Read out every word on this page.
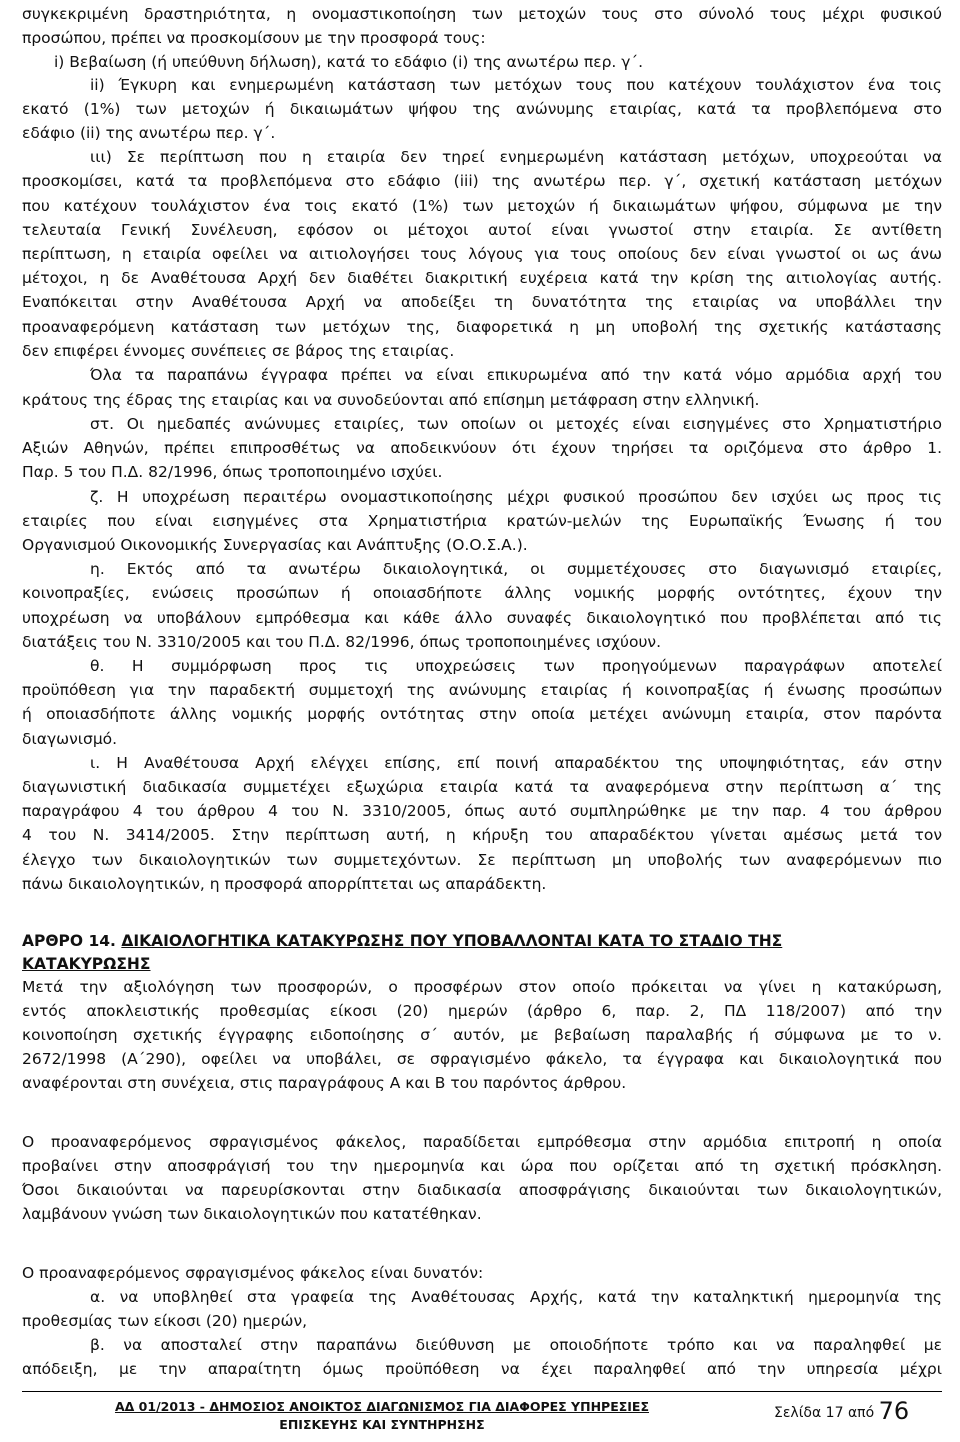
συγκεκριμένη δραστηριότητα, η ονομαστικοποίηση των μετοχών τους στο σύνολό τους μέχρι φυσικού
προσώπου, πρέπει να προσκομίσουν με την προσφορά τους:
i) Βεβαίωση (ή υπεύθυνη δήλωση), κατά το εδάφιο (i) της ανωτέρω περ. γ΄.
ii) Έγκυρη και ενημερωμένη κατάσταση των μετόχων τους που κατέχουν τουλάχιστον ένα τοις
εκατό (1%) των μετοχών ή δικαιωμάτων ψήφου της ανώνυμης εταιρίας, κατά τα προβλεπόμενα στο
εδάφιο (ii) της ανωτέρω περ. γ΄.
ιιι) Σε περίπτωση που η εταιρία δεν τηρεί ενημερωμένη κατάσταση μετόχων, υποχρεούται να
προσκομίσει, κατά τα προβλεπόμενα στο εδάφιο (iii) της ανωτέρω περ. γ΄, σχετική κατάσταση μετόχων
που κατέχουν τουλάχιστον ένα τοις εκατό (1%) των μετοχών ή δικαιωμάτων ψήφου, σύμφωνα με την
τελευταία Γενική Συνέλευση, εφόσον οι μέτοχοι αυτοί είναι γνωστοί στην εταιρία. Σε αντίθετη
περίπτωση, η εταιρία οφείλει να αιτιολογήσει τους λόγους για τους οποίους δεν είναι γνωστοί οι ως άνω
μέτοχοι, η δε Αναθέτουσα Αρχή δεν διαθέτει διακριτική ευχέρεια κατά την κρίση της αιτιολογίας αυτής.
Εναπόκειται στην Αναθέτουσα Αρχή να αποδείξει τη δυνατότητα της εταιρίας να υποβάλλει την
προαναφερόμενη κατάσταση των μετόχων της, διαφορετικά η μη υποβολή της σχετικής κατάστασης
δεν επιφέρει έννομες συνέπειες σε βάρος της εταιρίας.
Όλα τα παραπάνω έγγραφα πρέπει να είναι επικυρωμένα από την κατά νόμο αρμόδια αρχή του
κράτους της έδρας της εταιρίας και να συνοδεύονται από επίσημη μετάφραση στην ελληνική.
στ. Οι ημεδαπές ανώνυμες εταιρίες, των οποίων οι μετοχές είναι εισηγμένες στο Χρηματιστήριο
Αξιών Αθηνών, πρέπει επιπροσθέτως να αποδεικνύουν ότι έχουν τηρήσει τα οριζόμενα στο άρθρο 1.
Παρ. 5 του Π.Δ. 82/1996, όπως τροποποιημένο ισχύει.
ζ. Η υποχρέωση περαιτέρω ονομαστικοποίησης μέχρι φυσικού προσώπου δεν ισχύει ως προς τις
εταιρίες που είναι εισηγμένες στα Χρηματιστήρια κρατών-μελών της Ευρωπαϊκής Ένωσης ή του
Οργανισμού Οικονομικής Συνεργασίας και Ανάπτυξης (Ο.Ο.Σ.Α.).
η. Εκτός από τα ανωτέρω δικαιολογητικά, οι συμμετέχουσες στο διαγωνισμό εταιρίες,
κοινοπραξίες, ενώσεις προσώπων ή οποιασδήποτε άλλης νομικής μορφής οντότητες, έχουν την
υποχρέωση να υποβάλουν εμπρόθεσμα και κάθε άλλο συναφές δικαιολογητικό που προβλέπεται από τις
διατάξεις του Ν. 3310/2005 και του Π.Δ. 82/1996, όπως τροποποιημένες ισχύουν.
θ. Η συμμόρφωση προς τις υποχρεώσεις των προηγούμενων παραγράφων αποτελεί
προϋπόθεση για την παραδεκτή συμμετοχή της ανώνυμης εταιρίας ή κοινοπραξίας ή ένωσης προσώπων
ή οποιασδήποτε άλλης νομικής μορφής οντότητας στην οποία μετέχει ανώνυμη εταιρία, στον παρόντα
διαγωνισμό.
ι. Η Αναθέτουσα Αρχή ελέγχει επίσης, επί ποινή απαραδέκτου της υποψηφιότητας, εάν στην
διαγωνιστική διαδικασία συμμετέχει εξωχώρια εταιρία κατά τα αναφερόμενα στην περίπτωση α΄ της
παραγράφου 4 του άρθρου 4 του Ν. 3310/2005, όπως αυτό συμπληρώθηκε με την παρ. 4 του άρθρου
4 του Ν. 3414/2005. Στην περίπτωση αυτή, η κήρυξη του απαραδέκτου γίνεται αμέσως μετά τον
έλεγχο των δικαιολογητικών των συμμετεχόντων. Σε περίπτωση μη υποβολής των αναφερόμενων πιο
πάνω δικαιολογητικών, η προσφορά απορρίπτεται ως απαράδεκτη.
ΑΡΘΡΟ 14. ΔΙΚΑΙΟΛΟΓΗΤΙΚΑ ΚΑΤΑΚΥΡΩΣΗΣ ΠΟΥ ΥΠΟΒΑΛΛΟΝΤΑΙ ΚΑΤΑ ΤΟ ΣΤΑΔΙΟ ΤΗΣ
ΚΑΤΑΚΥΡΩΣΗΣ
Μετά την αξιολόγηση των προσφορών, ο προσφέρων στον οποίο πρόκειται να γίνει η κατακύρωση,
εντός αποκλειστικής προθεσμίας είκοσι (20) ημερών (άρθρο 6, παρ. 2, ΠΔ 118/2007) από την
κοινοποίηση σχετικής έγγραφης ειδοποίησης σ΄ αυτόν, με βεβαίωση παραλαβής ή σύμφωνα με το ν.
2672/1998 (Α΄290), οφείλει να υποβάλει, σε σφραγισμένο φάκελο, τα έγγραφα και δικαιολογητικά που
αναφέρονται στη συνέχεια, στις παραγράφους Α και Β του παρόντος άρθρου.
Ο προαναφερόμενος σφραγισμένος φάκελος, παραδίδεται εμπρόθεσμα στην αρμόδια επιτροπή η οποία
προβαίνει στην αποσφράγισή του την ημερομηνία και ώρα που ορίζεται από τη σχετική πρόσκληση.
Όσοι δικαιούνται να παρευρίσκονται στην διαδικασία αποσφράγισης δικαιούνται των δικαιολογητικών,
λαμβάνουν γνώση των δικαιολογητικών που κατατέθηκαν.
Ο προαναφερόμενος σφραγισμένος φάκελος είναι δυνατόν:
α. να υποβληθεί στα γραφεία της Αναθέτουσας Αρχής, κατά την καταληκτική ημερομηνία της
προθεσμίας των είκοσι (20) ημερών,
β. να αποσταλεί στην παραπάνω διεύθυνση με οποιοδήποτε τρόπο και να παραληφθεί με
απόδειξη, με την απαραίτητη όμως προϋπόθεση να έχει παραληφθεί από την υπηρεσία μέχρι
ΑΔ 01/2013 - ΔΗΜΟΣΙΟΣ ΑΝΟΙΚΤΟΣ ΔΙΑΓΩΝΙΣΜΟΣ ΓΙΑ ΔΙΑΦΟΡΕΣ ΥΠΗΡΕΣΙΕΣ
ΕΠΙΣΚΕΥΗΣ ΚΑΙ ΣΥΝΤΗΡΗΣΗΣ
Σελίδα 17 από 76
